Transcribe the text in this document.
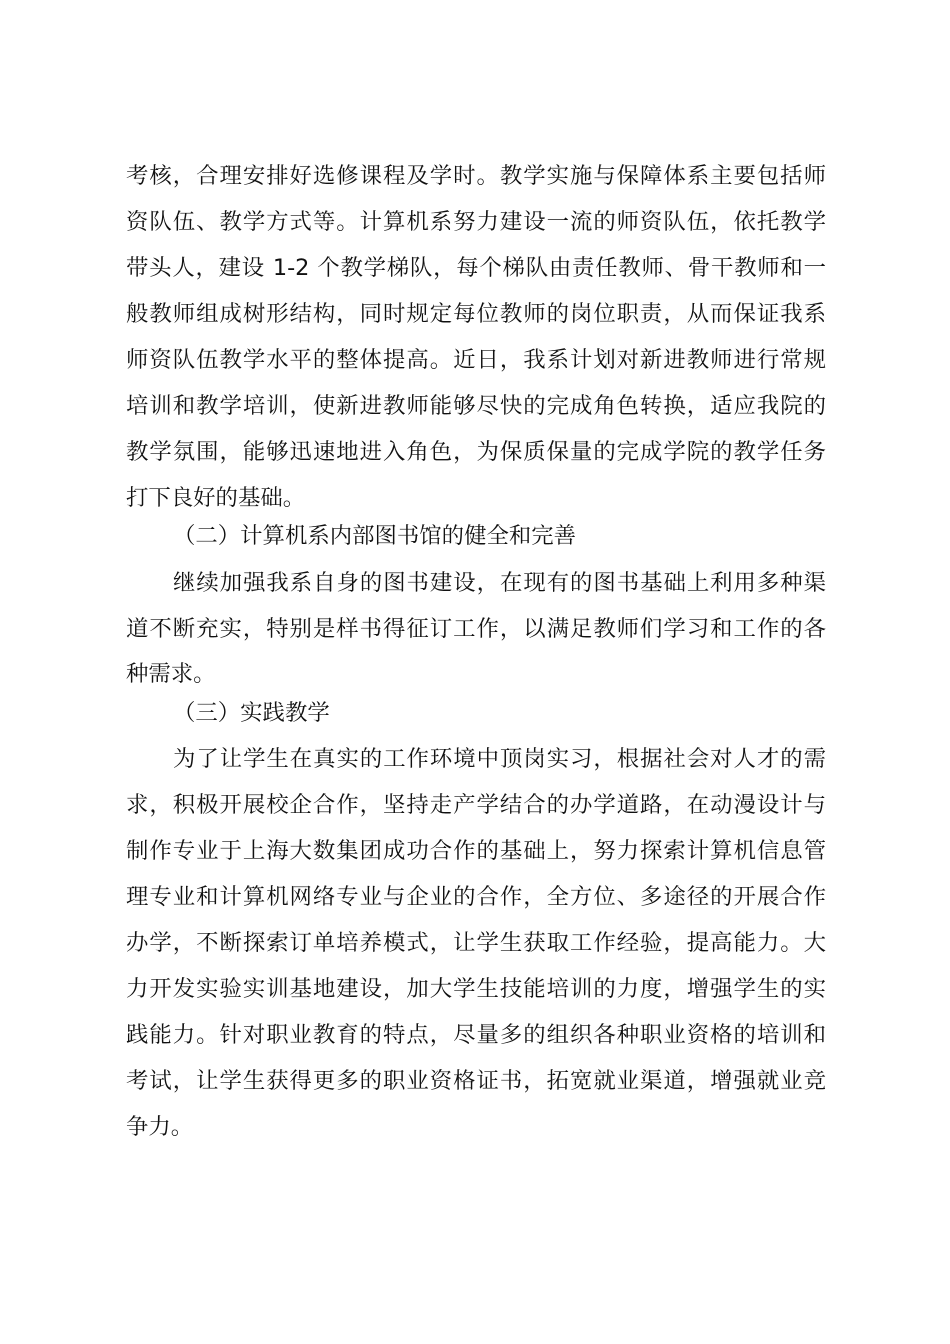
考核，合理安排好选修课程及学时。教学实施与保障体系主要包括师
资队伍、教学方式等。计算机系努力建设一流的师资队伍，依托教学
带头人，建设 1-2 个教学梯队，每个梯队由责任教师、骨干教师和一
般教师组成树形结构，同时规定每位教师的岗位职责，从而保证我系
师资队伍教学水平的整体提高。近日，我系计划对新进教师进行常规
培训和教学培训，使新进教师能够尽快的完成角色转换，适应我院的
教学氛围，能够迅速地进入角色，为保质保量的完成学院的教学任务
打下良好的基础。
（二）计算机系内部图书馆的健全和完善
继续加强我系自身的图书建设，在现有的图书基础上利用多种渠
道不断充实，特别是样书得征订工作，以满足教师们学习和工作的各
种需求。
（三）实践教学
为了让学生在真实的工作环境中顶岗实习，根据社会对人才的需
求，积极开展校企合作，坚持走产学结合的办学道路，在动漫设计与
制作专业于上海大数集团成功合作的基础上，努力探索计算机信息管
理专业和计算机网络专业与企业的合作，全方位、多途径的开展合作
办学，不断探索订单培养模式，让学生获取工作经验，提高能力。大
力开发实验实训基地建设，加大学生技能培训的力度，增强学生的实
践能力。针对职业教育的特点，尽量多的组织各种职业资格的培训和
考试，让学生获得更多的职业资格证书，拓宽就业渠道，增强就业竞
争力。
